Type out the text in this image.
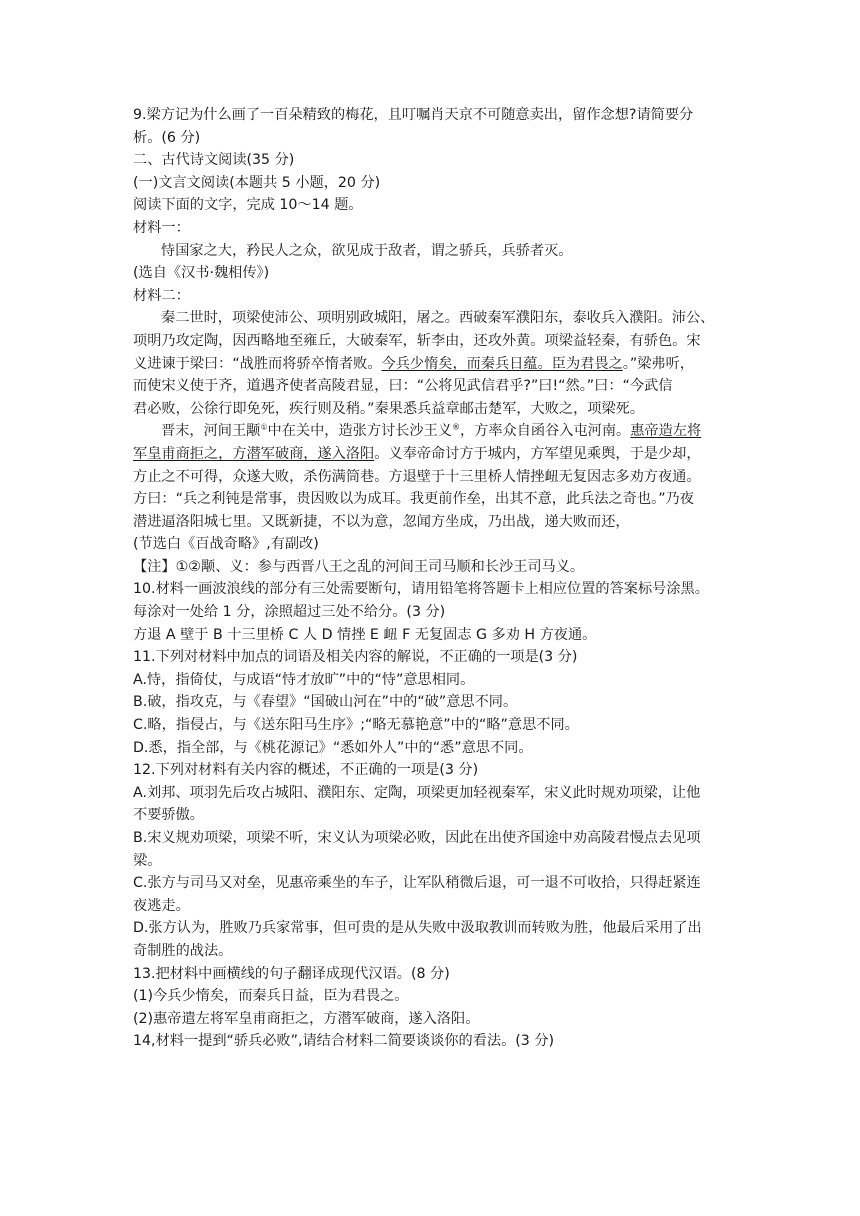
9.梁方记为什么画了一百朵精致的梅花，且叮嘱肖天京不可随意卖出，留作念想?请简要分
析。(6 分)
二、古代诗文阅读(35 分)
(一)文言文阅读(本题共 5 小题，20 分)
阅读下面的文字，完成 10～14 题。
材料一：
恃国家之大，矜民人之众，欲见成于敌者，谓之骄兵，兵骄者灭。
(选自《汉书·魏相传》)
材料二：
秦二世时，项梁使沛公、项明别政城阳，屠之。西破秦军濮阳东，泰收兵入濮阳。沛公、
项明乃攻定陶，因西略地至雍丘，大破秦军，斩李由，还攻外黄。项梁益轻秦，有骄色。宋
义进谏于梁曰：“战胜而将骄卒惰者败。今兵少惰矣，而秦兵日蕴。臣为君畏之。”梁弗听，
而使宋义使于齐，道遇齐使者高陵君显，曰：“公将见武信君乎?”曰!“然。”曰：“今武信
君必败，公徐行即免死，疾行则及稍。”秦果悉兵益章邮击楚军，大败之，项梁死。
晋末，河间王颙①中在关中，造张方讨长沙王义®，方率众自函谷入屯河南。惠帝造左将
军皇甫商拒之，方潜军破商，遂入洛阳。义奉帝命讨方于城内，方军望见乘舆，于是少却，
方止之不可得，众遂大败，杀伤满筒巷。方退壁于十三里桥人情挫衄无复因志多劝方夜通。
方曰：“兵之利钝是常事，贵因败以为成耳。我更前作垒，出其不意，此兵法之奇也。”乃夜
潜进逼洛阳城七里。又既新捷，不以为意，忽闻方坐成，乃出战，递大败而还，
(节选白《百战奇略》,有副改)
【注】①②颙、义：参与西晋八王之乱的河间王司马顺和长沙王司马义。
10.材料一画波浪线的部分有三处需要断句，请用铅笔将答题卡上相应位置的答案标号涂黑。
每涂对一处给 1 分，涂照超过三处不给分。(3 分)
方退 A 壁于 B 十三里桥 C 人 D 情挫 E 衄 F 无复固志 G 多劝 H 方夜通。
11.下列对材料中加点的词语及相关内容的解说，不正确的一项是(3 分)
A.恃，指倚仗，与成语“恃才放旷”中的“恃”意思相同。
B.破，指攻克，与《春望》“国破山河在”中的“破”意思不同。
C.略，指侵占，与《送东阳马生序》;“略无慕艳意”中的“略”意思不同。
D.悉，指全部，与《桃花源记》“悉如外人”中的“悉”意思不同。
12.下列对材料有关内容的概述，不正确的一项是(3 分)
A.刘邦、项羽先后攻占城阳、濮阳东、定陶，项梁更加轻视秦军，宋义此时规劝项梁，让他
不要骄傲。
B.宋义规劝项梁，项梁不听，宋义认为项梁必败，因此在出使齐国途中劝高陵君慢点去见项
梁。
C.张方与司马又对垒，见惠帝乘坐的车子，让军队稍微后退，可一退不可收拾，只得赶紧连
夜逃走。
D.张方认为，胜败乃兵家常事，但可贵的是从失败中汲取教训而转败为胜，他最后采用了出
奇制胜的战法。
13.把材料中画横线的句子翻译成现代汉语。(8 分)
(1)今兵少惰矣，而秦兵日益，臣为君畏之。
(2)惠帝遣左将军皇甫商拒之，方潜军破商，遂入洛阳。
14,材料一提到“骄兵必败”,请结合材料二简要谈谈你的看法。(3 分)
